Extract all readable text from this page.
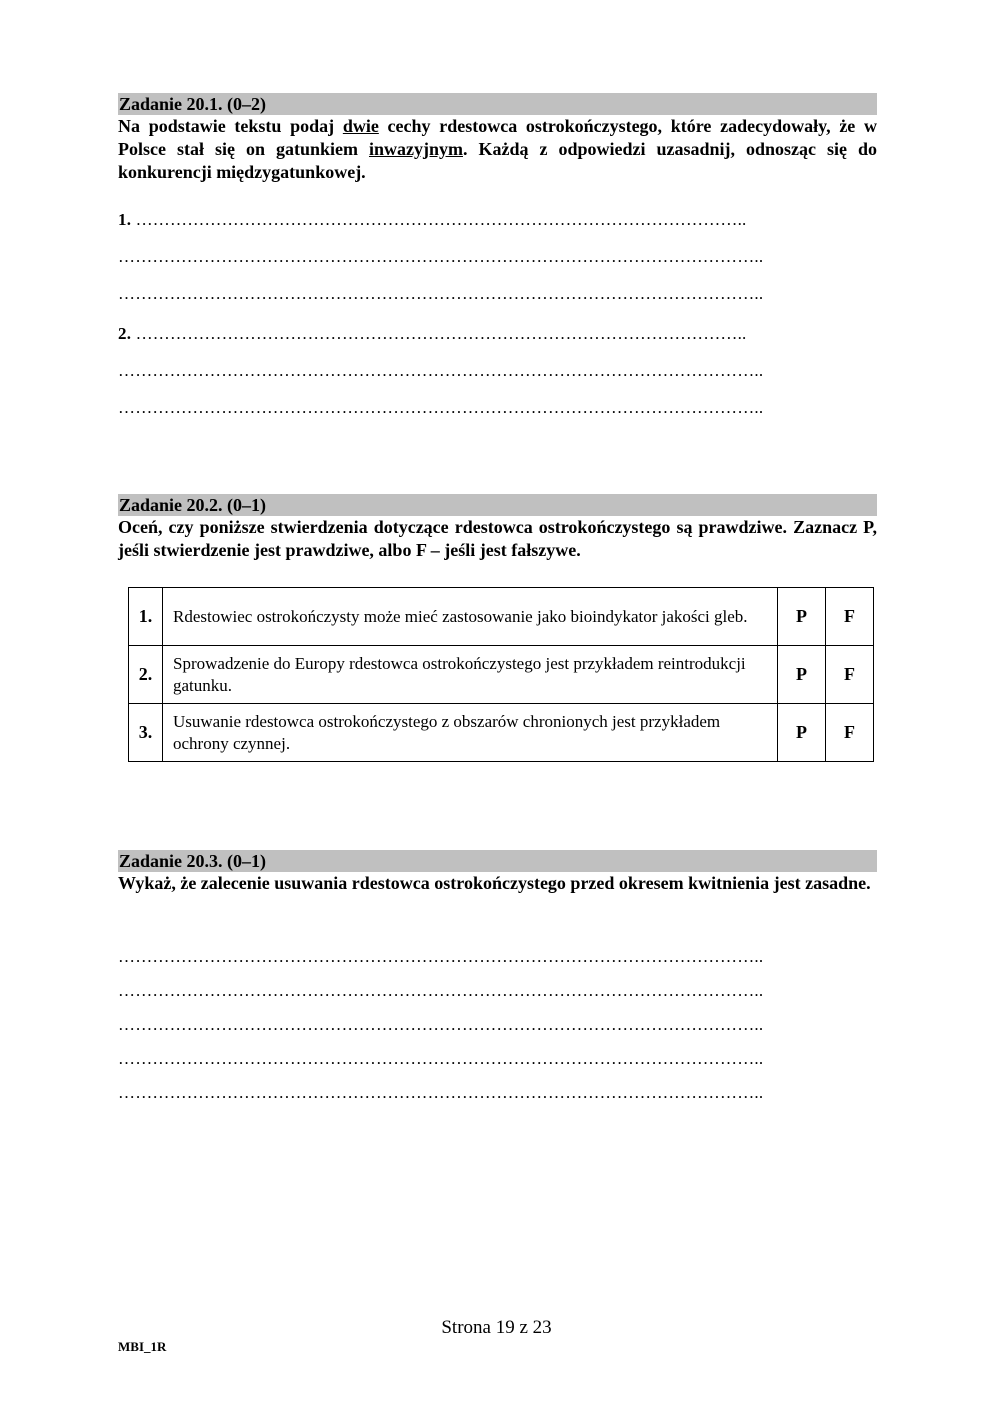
Zadanie 20.1. (0–2)
Na podstawie tekstu podaj dwie cechy rdestowca ostrokończystego, które zadecydowały, że w Polsce stał się on gatunkiem inwazyjnym. Każdą z odpowiedzi uzasadnij, odnosząc się do konkurencji międzygatunkowej.
1. ……………………………………………………………………………………………..
…………………………………………………………………………………………………..
…………………………………………………………………………………………………..
2. ……………………………………………………………………………………………..
…………………………………………………………………………………………………..
…………………………………………………………………………………………………..
Zadanie 20.2. (0–1)
Oceń, czy poniższe stwierdzenia dotyczące rdestowca ostrokończystego są prawdziwe. Zaznacz P, jeśli stwierdzenie jest prawdziwe, albo F – jeśli jest fałszywe.
1.	Rdestowiec ostrokończysty może mieć zastosowanie jako bioindykator jakości gleb.	P	F
2.	Sprowadzenie do Europy rdestowca ostrokończystego jest przykładem reintrodukcji gatunku.	P	F
3.	Usuwanie rdestowca ostrokończystego z obszarów chronionych jest przykładem ochrony czynnej.	P	F
Zadanie 20.3. (0–1)
Wykaż, że zalecenie usuwania rdestowca ostrokończystego przed okresem kwitnienia jest zasadne.
…………………………………………………………………………………………………..
…………………………………………………………………………………………………..
…………………………………………………………………………………………………..
…………………………………………………………………………………………………..
…………………………………………………………………………………………………..
Strona 19 z 23
MBI_1R
